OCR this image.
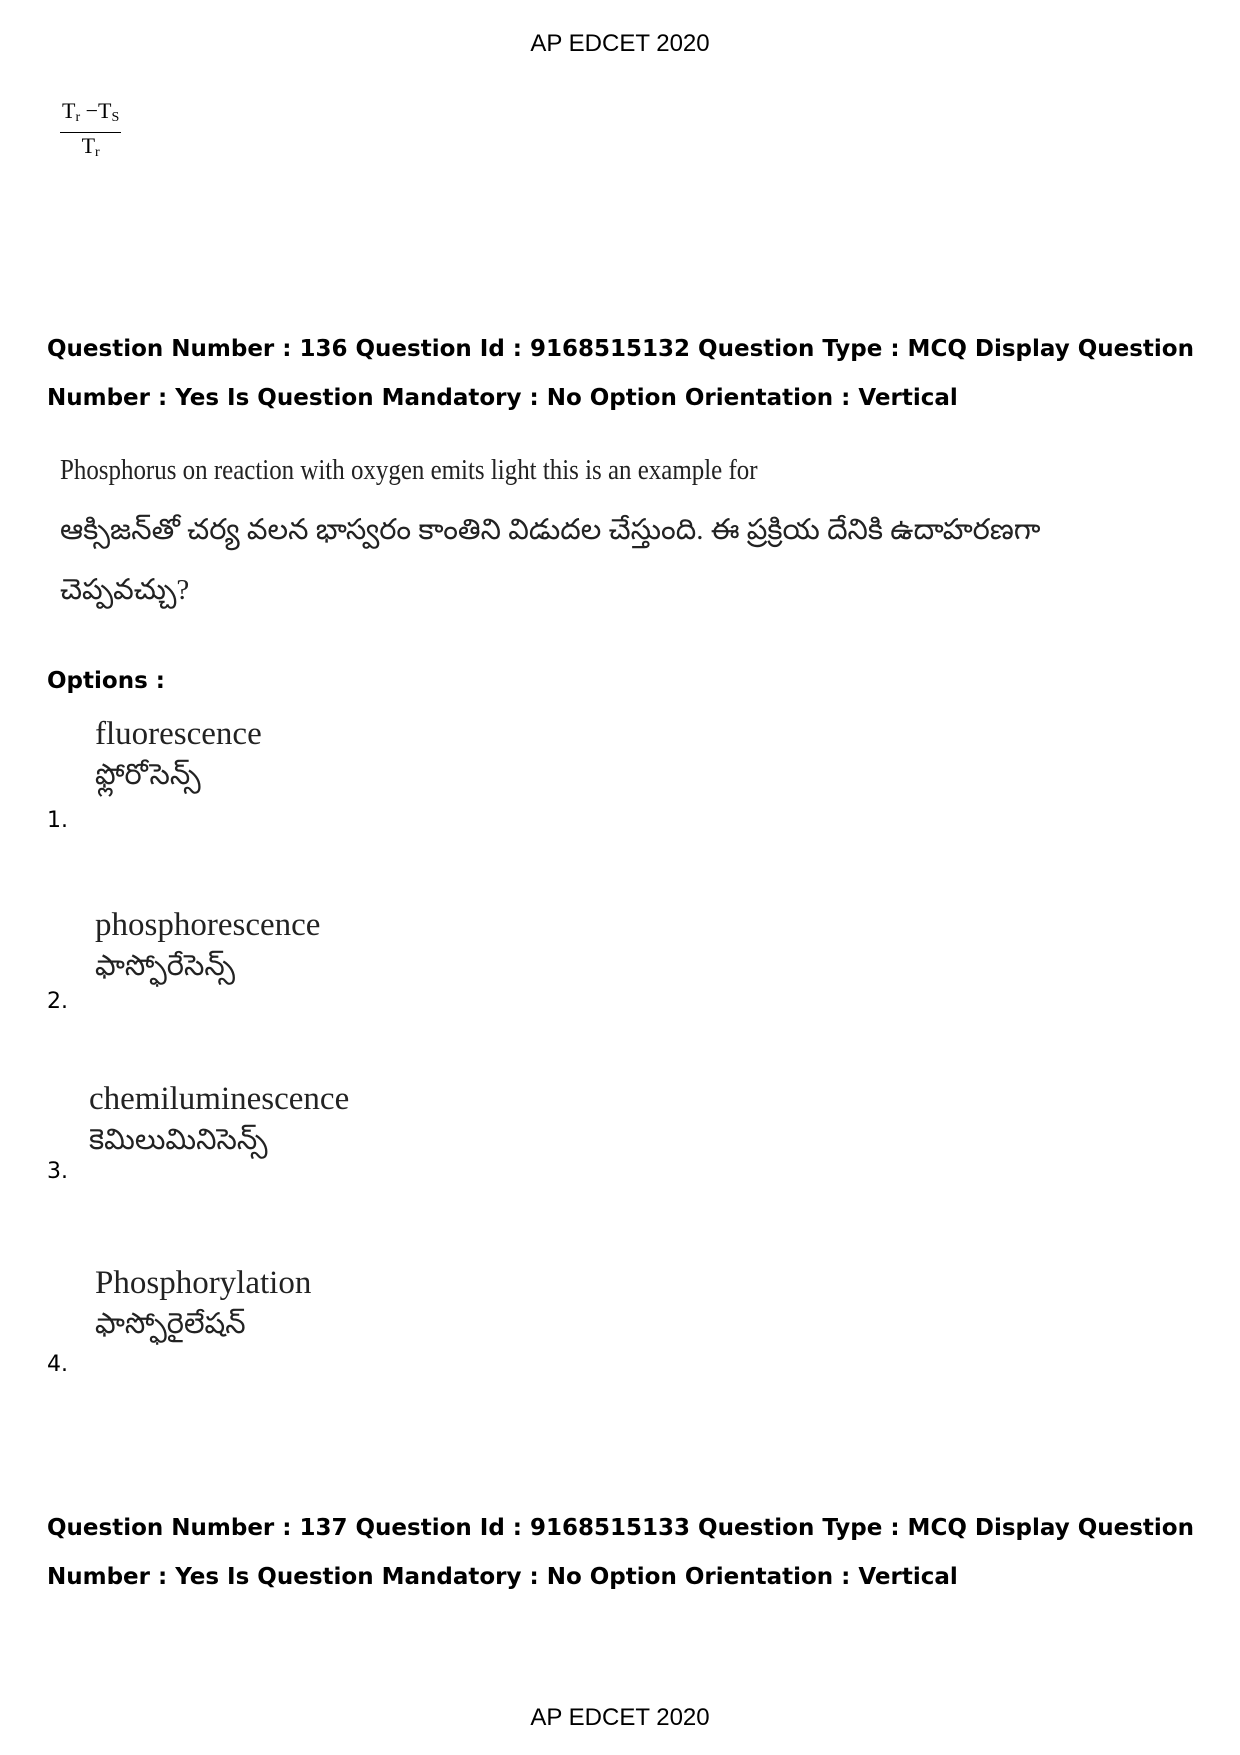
AP EDCET 2020
$\frac{T_r -T_S}{T_r}$
Question Number : 136 Question Id : 9168515132 Question Type : MCQ Display Question
Number : Yes Is Question Mandatory : No Option Orientation : Vertical
Phosphorus on reaction with oxygen emits light this is an example for
ఆక్సిజన్‌తో చర్య వలన భాస్వరం కాంతిని విడుదల చేస్తుంది. ఈ ప్రక్రియ దేనికి ఉదాహరణగా
చెప్పవచ్చు?
Options :
1.
fluorescence
ఫ్లోరోసెన్స్
2.
phosphorescence
ఫాస్ఫోరేసెన్స్
3.
chemiluminescence
కెమిలుమినిసెన్స్
4.
Phosphorylation
ఫాస్ఫోరైలేషన్
Question Number : 137 Question Id : 9168515133 Question Type : MCQ Display Question
Number : Yes Is Question Mandatory : No Option Orientation : Vertical
AP EDCET 2020
